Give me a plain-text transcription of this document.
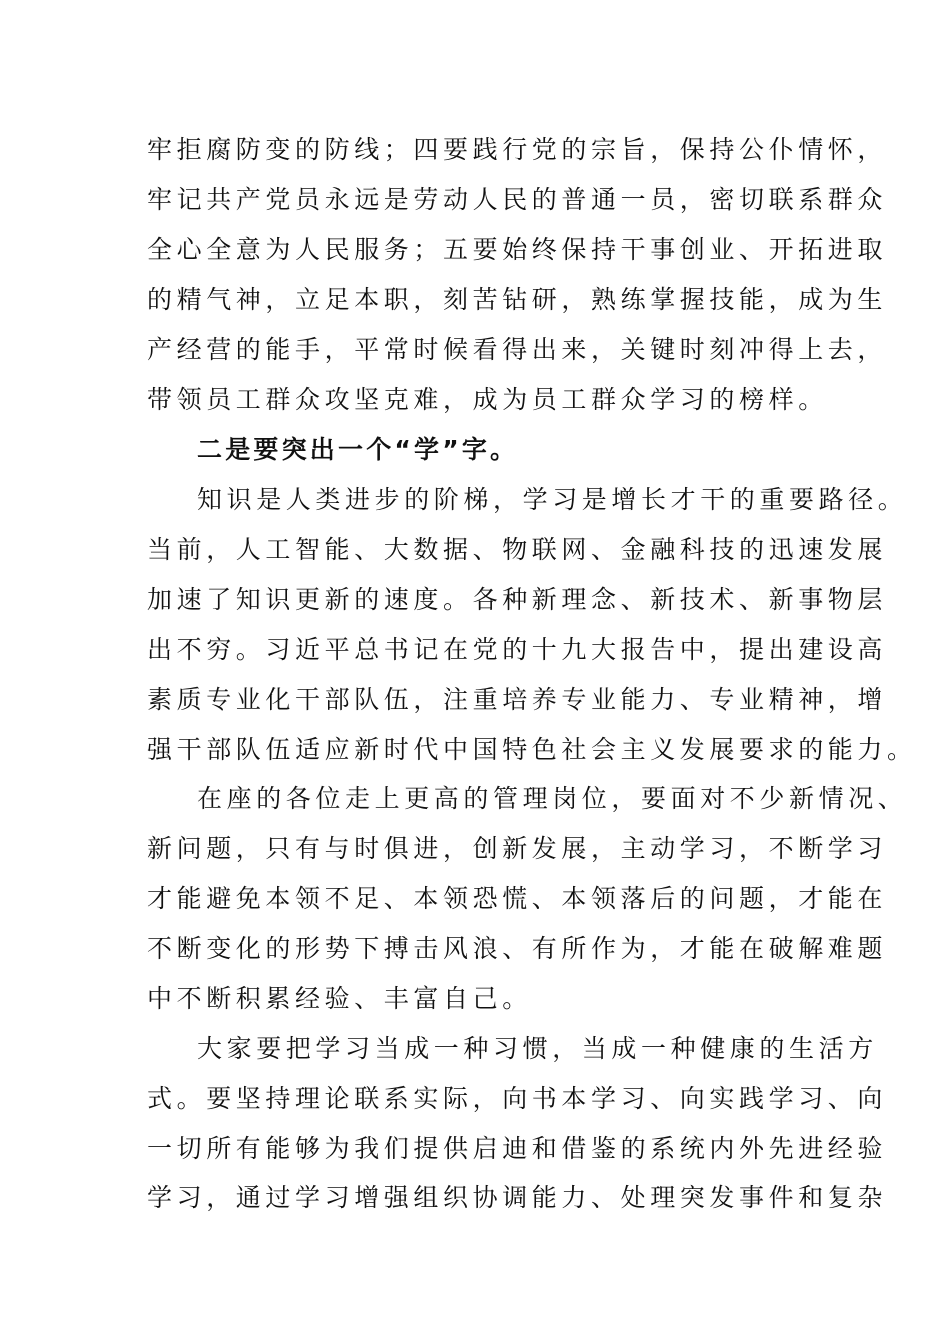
牢拒腐防变的防线；四要践行党的宗旨，保持公仆情怀，
牢记共产党员永远是劳动人民的普通一员，密切联系群众
全心全意为人民服务；五要始终保持干事创业、开拓进取
的精气神，立足本职，刻苦钻研，熟练掌握技能，成为生
产经营的能手，平常时候看得出来，关键时刻冲得上去，
带领员工群众攻坚克难，成为员工群众学习的榜样。
二是要突出一个“学”字。
知识是人类进步的阶梯，学习是增长才干的重要路径。
当前，人工智能、大数据、物联网、金融科技的迅速发展
加速了知识更新的速度。各种新理念、新技术、新事物层
出不穷。习近平总书记在党的十九大报告中，提出建设高
素质专业化干部队伍，注重培养专业能力、专业精神，增
强干部队伍适应新时代中国特色社会主义发展要求的能力。
在座的各位走上更高的管理岗位，要面对不少新情况、
新问题，只有与时俱进，创新发展，主动学习，不断学习
才能避免本领不足、本领恐慌、本领落后的问题，才能在
不断变化的形势下搏击风浪、有所作为，才能在破解难题
中不断积累经验、丰富自己。
大家要把学习当成一种习惯，当成一种健康的生活方
式。要坚持理论联系实际，向书本学习、向实践学习、向
一切所有能够为我们提供启迪和借鉴的系统内外先进经验
学习，通过学习增强组织协调能力、处理突发事件和复杂
